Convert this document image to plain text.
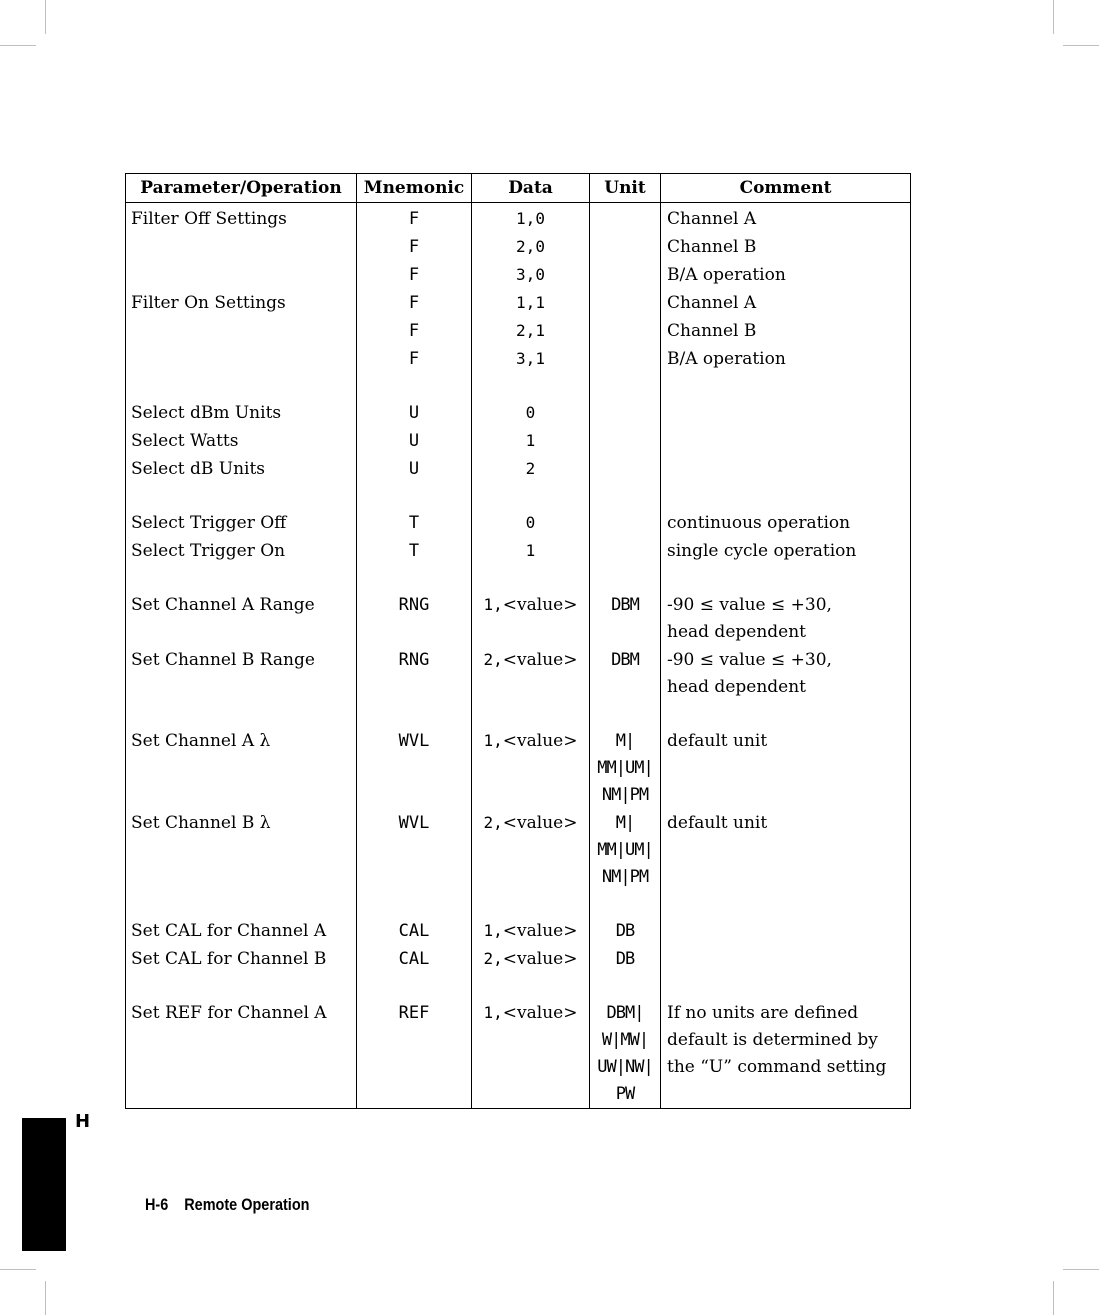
Parameter/Operation	Mnemonic	Data	Unit	Comment
Filter Off Settings	F	1,0		Channel A
	F	2,0		Channel B
	F	3,0		B/A operation
Filter On Settings	F	1,1		Channel A
	F	2,1		Channel B
	F	3,1		B/A operation

Select dBm Units	U	0		
Select Watts	U	1		
Select dB Units	U	2		

Select Trigger Off	T	0		continuous operation
Select Trigger On	T	1		single cycle operation

Set Channel A Range	RNG	1,<value>	DBM	-90 ≤ value ≤ +30,
				head dependent
Set Channel B Range	RNG	2,<value>	DBM	-90 ≤ value ≤ +30,
				head dependent

Set Channel A λ	WVL	1,<value>	M|	default unit
			MM|UM|	
			NM|PM	
Set Channel B λ	WVL	2,<value>	M|	default unit
			MM|UM|	
			NM|PM	

Set CAL for Channel A	CAL	1,<value>	DB	
Set CAL for Channel B	CAL	2,<value>	DB	

Set REF for Channel A	REF	1,<value>	DBM|	If no units are defined
			W|MW|	default is determined by
			UW|NW|	the “U” command setting
			PW	
H
H-6 Remote Operation
